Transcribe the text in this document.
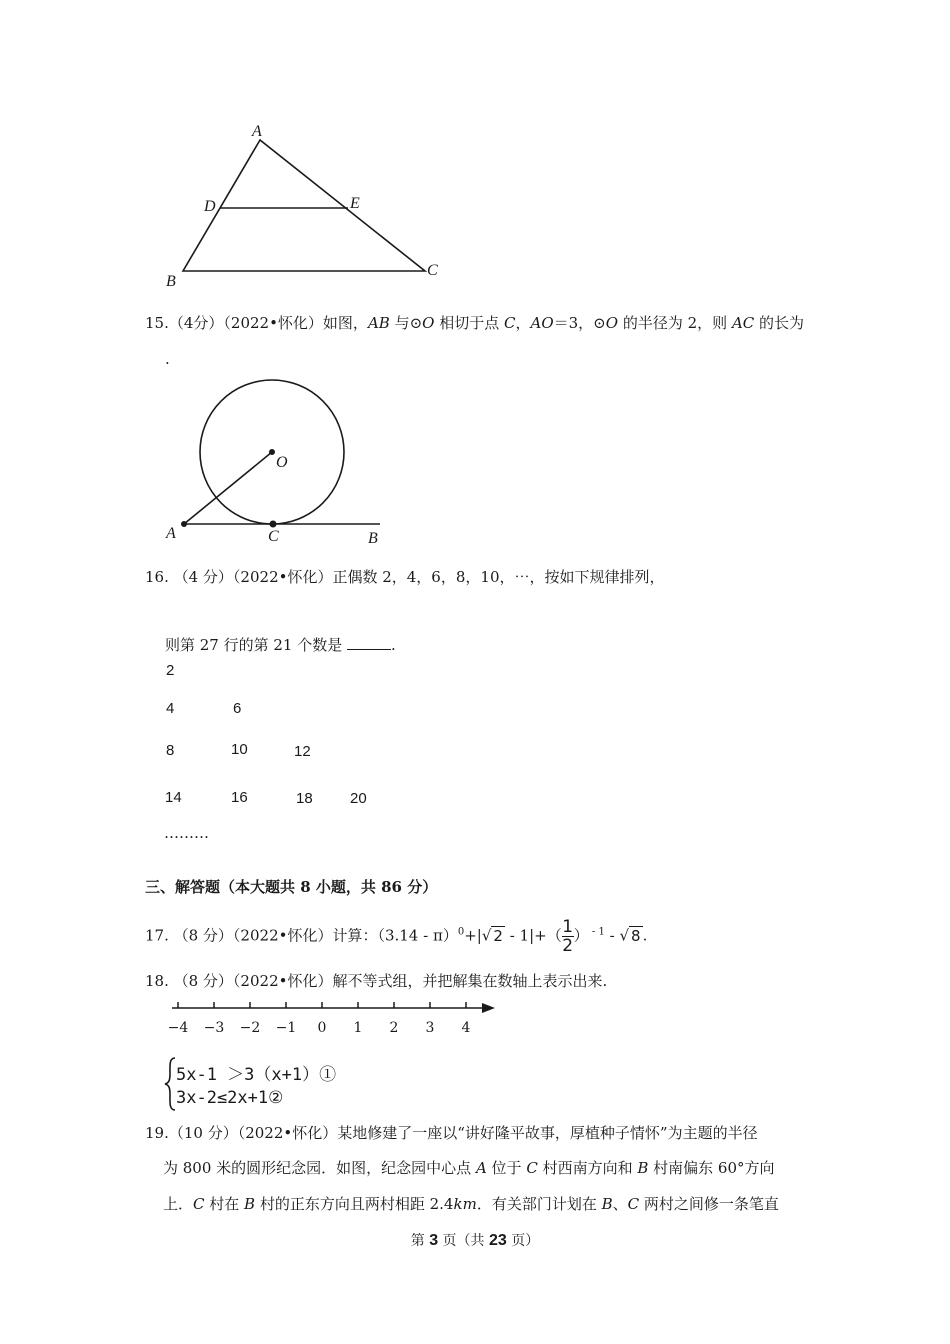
A
D	E
B
C
15.（4分）（2022•怀化）如图，AB 与⊙O 相切于点 C，AO＝3，⊙O 的半径为 2，则 AC 的长为
.
O
A	C	B
16. （4 分）（2022•怀化）正偶数 2，4，6，8，10，⋯，按如下规律排列，
则第 27 行的第 21 个数是	.
2
4	6
8	10	12
14	16	18 20
………
三、解答题（本大题共 8 小题，共 86 分）
17. （8 分）（2022•怀化）计算：（3.14 - π）$^0$+|√ $2 - 1|+( \frac{1}{2}$ ） $^{- 1}$ - √ 8 .
18. （8 分）（2022•怀化）解不等式组，并把解集在数轴上表示出来.
−4 −3 −2 −1 0 1 2 3 4
5x-1 ＞3（x+1）①
3x-2≤2x+1②
19.（10 分）（2022•怀化）某地修建了一座以“讲好隆平故事，厚植种子情怀”为主题的半径
为 800 米的圆形纪念园．如图，纪念园中心点 A 位于 C 村西南方向和 B 村南偏东 60°方向
上．C 村在 B 村的正东方向且两村相距 2.4km．有关部门计划在 B、C 两村之间修一条笔直
第 3 页（共 23 页）
